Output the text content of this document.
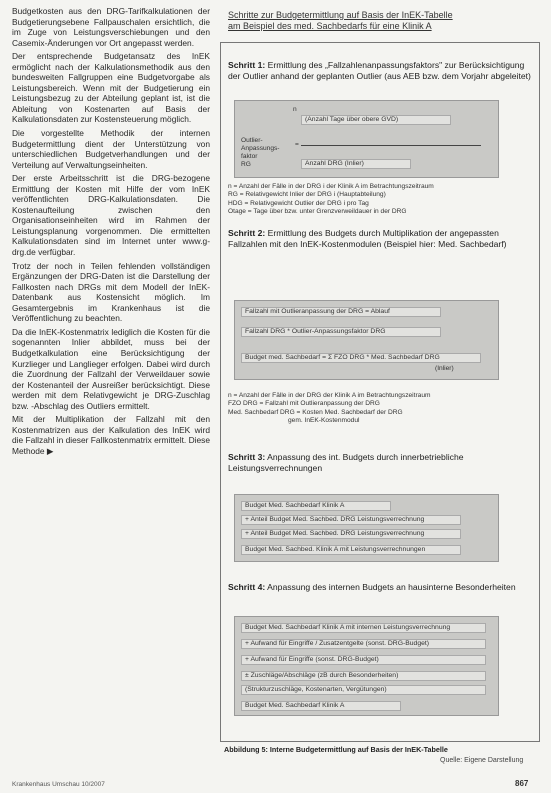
Budgetkosten aus den DRG-Tarifkalkulationen der Budgetierungsebene Fallpauschalen ersichtlich, die im Zuge von Leistungsverschiebungen und den Casemix-Änderungen vor Ort angepasst werden.

Der entsprechende Budgetansatz des InEK ermöglicht nach der Kalkulationsmethodik aus den bundesweiten Fallgruppen eine Budgetvorgabe als Leistungsbereich. Wenn mit der Budgetierung ein Leistungsbezug zu der Abteilung geplant ist, ist die Ableitung von Kostenarten auf Basis der Kalkulationsdaten zur Kostensteuerung möglich.

Die vorgestellte Methodik der internen Budgetermittlung dient der Unterstützung von unterschiedlichen Budgetverhandlungen und der Verteilung auf Verwaltungseinheiten.

Der erste Arbeitsschritt ist die DRG-bezogene Ermittlung der Kosten mit Hilfe der vom InEK veröffentlichten DRG-Kalkulationsdaten. Die Kostenaufteilung zwischen den Organisationseinheiten wird im Rahmen der Leistungsplanung vorgenommen. Die ermittelten Kalkulationsdaten sind im Internet unter www.g-drg.de verfügbar.

Trotz der noch in Teilen fehlenden vollständigen Ergänzungen der DRG-Daten ist die Darstellung der Fallkosten nach DRGs mit dem Modell der InEK-Datenbank aus Kostensicht möglich. Im Gesamtergebnis im Krankenhaus ist die Veröffentlichung zu beachten.

Da die InEK-Kostenmatrix lediglich die Kosten für die sogenannten Inlier abbildet, muss bei der Budgetkalkulation eine Berücksichtigung der Kurzlieger und Langlieger erfolgen. Dabei wird durch die Zuordnung der Fallzahl der Verweildauer sowie der Kostenanteil der Ausreißer berücksichtigt. Diese werden mit dem Relativgewicht je DRG-Zuschlag bzw. -Abschlag des Outliers ermittelt.

Mit der Multiplikation der Fallzahl mit den Kostenmatrizen aus der Kalkulation des InEK wird die Fallzahl in dieser Fallkostenmatrix ermittelt. Diese Methode ▶

Schritte zur Budgetermittlung auf Basis der InEK-Tabelle
am Beispiel des med. Sachbedarfs für eine Klinik A
Schritt 1: Ermittlung des „Fallzahlenanpassungsfaktors" zur Berücksichtigung der Outlier anhand der geplanten Outlier (aus AEB bzw. dem Vorjahr abgeleitet)
n
(Anzahl Tage über obere GVD)
Outlier-Anpassungs- faktor
=
RG	Anzahl DRG (Inlier)
n = Anzahl der Fälle in der DRG i der Klinik A im Betrachtungszeitraum
RG = Relativgewicht Inlier der DRG i (Hauptabteilung)
HDG = Relativgewicht Outlier der DRG i pro Tag
Otage = Tage über bzw. unter Grenzverweildauer in der DRG
Schritt 2: Ermittlung des Budgets durch Multiplikation der angepassten Fallzahlen mit den InEK-Kostenmodulen (Beispiel hier: Med. Sachbedarf)
Fallzahl mit Outlieranpassung der DRG = Ablauf
Fallzahl DRG * Outlier-Anpassungsfaktor DRG
Budget med. Sachbedarf = Σ FZO DRG * Med. Sachbedarf DRG
(Inlier)
n = Anzahl der Fälle in der DRG der Klinik A im Betrachtungszeitraum
FZO DRG = Fallzahl mit Outlieranpassung der DRG
Med. Sachbedarf DRG = Kosten Med. Sachbedarf der DRG
gem. InEK-Kostenmodul
Schritt 3: Anpassung des int. Budgets durch innerbetriebliche Leistungsverrechnungen
Budget Med. Sachbedarf Klinik A
+ Anteil Budget Med. Sachbed. DRG Leistungsverrechnung
+ Anteil Budget Med. Sachbed. DRG Leistungsverrechnung
Budget Med. Sachbed. Klinik A mit Leistungsverrechnungen
Schritt 4: Anpassung des internen Budgets an hausinterne Besonderheiten
Budget Med. Sachbedarf Klinik A mit internen Leistungsverrechnung
+ Aufwand für Eingriffe / Zusatzentgelte (sonst. DRG-Budget)
+ Aufwand für Eingriffe (sonst. DRG-Budget)
± Zuschläge/Abschläge (zB durch Besonderheiten)
(Strukturzuschläge, Kostenarten, Vergütungen)
Budget Med. Sachbedarf Klinik A
Abbildung 5: Interne Budgetermittlung auf Basis der InEK-Tabelle
Quelle: Eigene Darstellung
Krankenhaus Umschau 10/2007	867
